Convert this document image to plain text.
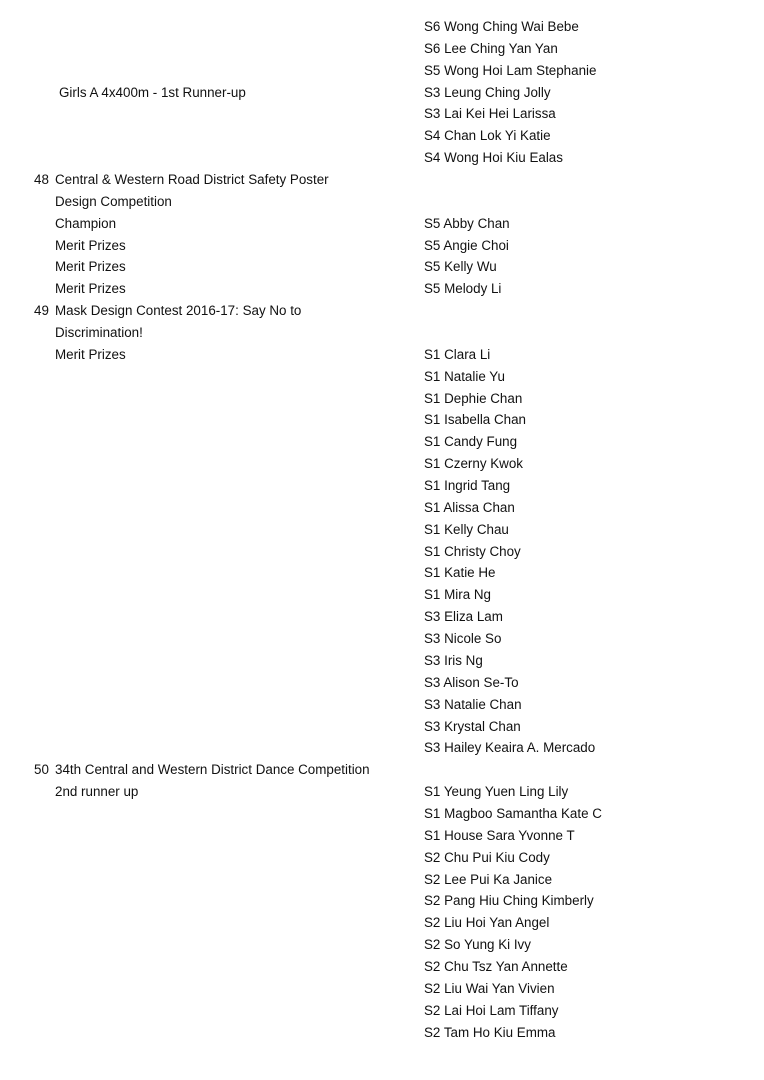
S6 Wong Ching Wai Bebe
S6 Lee Ching Yan Yan
S5 Wong Hoi Lam Stephanie
Girls A 4x400m - 1st Runner-up	S3 Leung Ching Jolly
S3 Lai Kei Hei Larissa
S4 Chan Lok Yi Katie
S4 Wong Hoi Kiu Ealas
48 Central & Western Road District Safety Poster
Design Competition
Champion	S5 Abby Chan
Merit Prizes	S5 Angie Choi
Merit Prizes	S5 Kelly Wu
Merit Prizes	S5 Melody Li
49 Mask Design Contest 2016-17: Say No to
Discrimination!
Merit Prizes	S1 Clara Li
S1 Natalie Yu
S1 Dephie Chan
S1 Isabella Chan
S1 Candy Fung
S1 Czerny Kwok
S1 Ingrid Tang
S1 Alissa Chan
S1 Kelly Chau
S1 Christy Choy
S1 Katie He
S1 Mira Ng
S3 Eliza Lam
S3 Nicole So
S3 Iris Ng
S3 Alison Se-To
S3 Natalie Chan
S3 Krystal Chan
S3 Hailey Keaira A. Mercado
50 34th Central and Western District Dance Competition
2nd runner up	S1 Yeung Yuen Ling Lily
S1 Magboo Samantha Kate C
S1 House Sara Yvonne T
S2 Chu Pui Kiu Cody
S2 Lee Pui Ka Janice
S2 Pang Hiu Ching Kimberly
S2 Liu Hoi Yan Angel
S2 So Yung Ki Ivy
S2 Chu Tsz Yan Annette
S2 Liu Wai Yan Vivien
S2 Lai Hoi Lam Tiffany
S2 Tam Ho Kiu Emma
